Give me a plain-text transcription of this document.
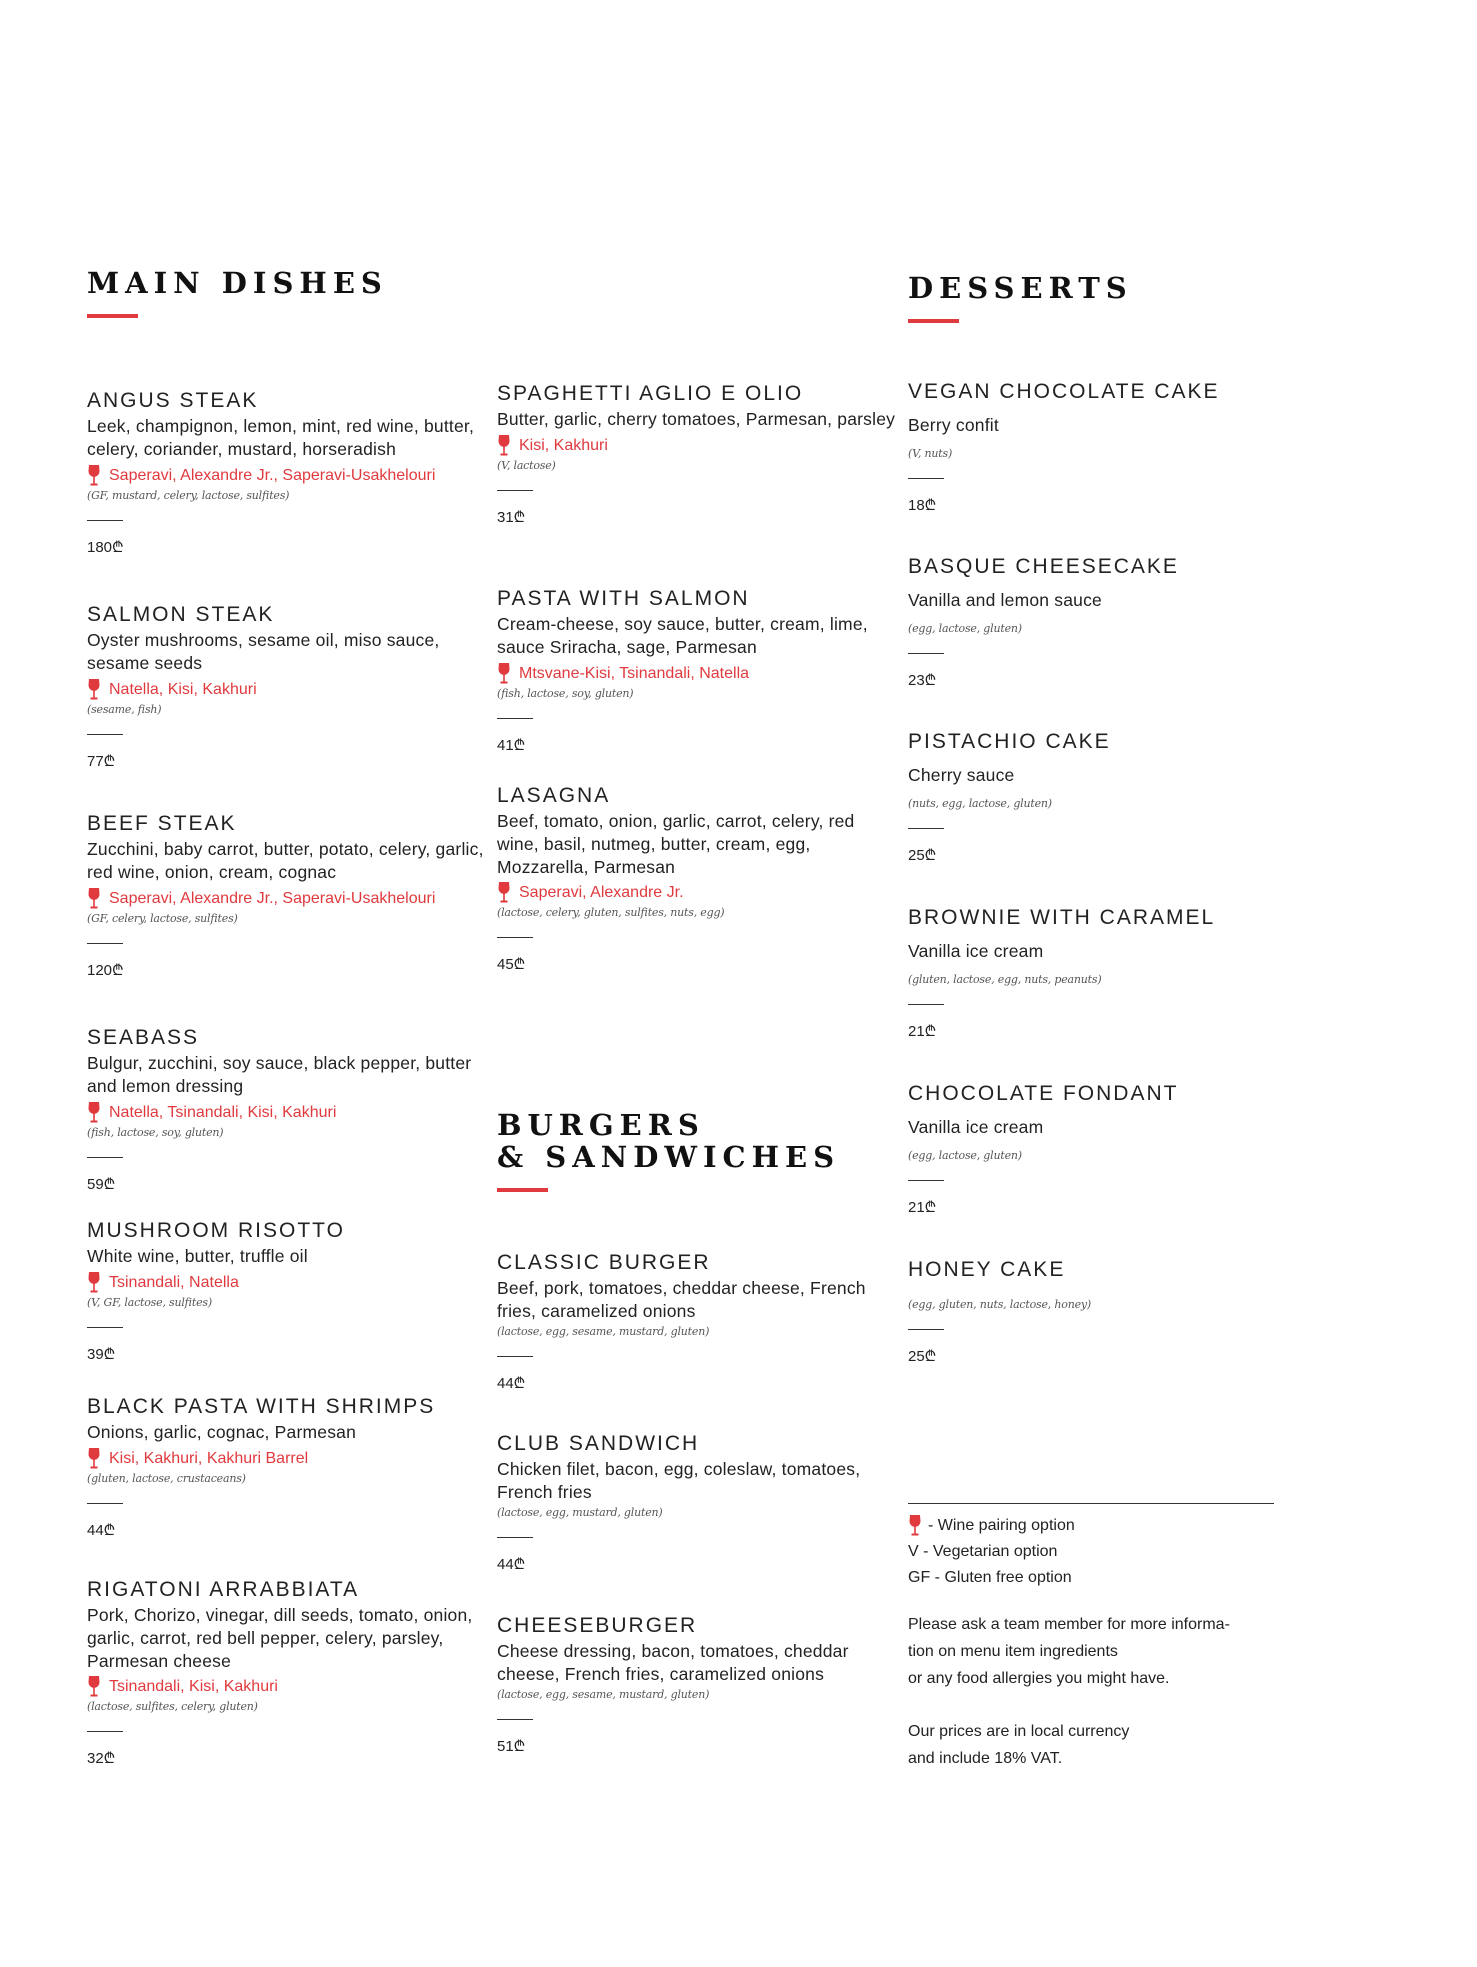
MAIN DISHES
ANGUS STEAK
Leek, champignon, lemon, mint, red wine, butter, celery, coriander, mustard, horseradish
Saperavi, Alexandre Jr., Saperavi-Usakhelouri
(GF, mustard, celery, lactose, sulfites)
180₾
SALMON STEAK
Oyster mushrooms, sesame oil, miso sauce, sesame seeds
Natella, Kisi, Kakhuri
(sesame, fish)
77₾
BEEF STEAK
Zucchini, baby carrot, butter, potato, celery, garlic, red wine, onion, cream, cognac
Saperavi, Alexandre Jr., Saperavi-Usakhelouri
(GF, celery, lactose, sulfites)
120₾
SEABASS
Bulgur, zucchini, soy sauce, black pepper, butter and lemon dressing
Natella, Tsinandali, Kisi, Kakhuri
(fish, lactose, soy, gluten)
59₾
MUSHROOM RISOTTO
White wine, butter, truffle oil
Tsinandali, Natella
(V, GF, lactose, sulfites)
39₾
BLACK PASTA WITH SHRIMPS
Onions, garlic, cognac, Parmesan
Kisi, Kakhuri, Kakhuri Barrel
(gluten, lactose, crustaceans)
44₾
RIGATONI ARRABBIATA
Pork, Chorizo, vinegar, dill seeds, tomato, onion, garlic, carrot, red bell pepper, celery, parsley, Parmesan cheese
Tsinandali, Kisi, Kakhuri
(lactose, sulfites, celery, gluten)
32₾
SPAGHETTI AGLIO E OLIO
Butter, garlic, cherry tomatoes, Parmesan, parsley
Kisi, Kakhuri
(V, lactose)
31₾
PASTA WITH SALMON
Cream-cheese, soy sauce, butter, cream, lime, sauce Sriracha, sage, Parmesan
Mtsvane-Kisi, Tsinandali, Natella
(fish, lactose, soy, gluten)
41₾
LASAGNA
Beef, tomato, onion, garlic, carrot, celery, red wine, basil, nutmeg, butter, cream, egg, Mozzarella, Parmesan
Saperavi, Alexandre Jr.
(lactose, celery, gluten, sulfites, nuts, egg)
45₾
BURGERS
& SANDWICHES
CLASSIC BURGER
Beef, pork, tomatoes, cheddar cheese, French fries, caramelized onions
(lactose, egg, sesame, mustard, gluten)
44₾
CLUB SANDWICH
Chicken filet, bacon, egg, coleslaw, tomatoes, French fries
(lactose, egg, mustard, gluten)
44₾
CHEESEBURGER
Cheese dressing, bacon, tomatoes, cheddar cheese, French fries, caramelized onions
(lactose, egg, sesame, mustard, gluten)
51₾
DESSERTS
VEGAN CHOCOLATE CAKE
Berry confit
(V, nuts)
18₾
BASQUE CHEESECAKE
Vanilla and lemon sauce
(egg, lactose, gluten)
23₾
PISTACHIO CAKE
Cherry sauce
(nuts, egg, lactose, gluten)
25₾
BROWNIE WITH CARAMEL
Vanilla ice cream
(gluten, lactose, egg, nuts, peanuts)
21₾
CHOCOLATE FONDANT
Vanilla ice cream
(egg, lactose, gluten)
21₾
HONEY CAKE
(egg, gluten, nuts, lactose, honey)
25₾
- Wine pairing option
V - Vegetarian option
GF - Gluten free option
Please ask a team member for more informa-
tion on menu item ingredients
or any food allergies you might have.
Our prices are in local currency
and include 18% VAT.
